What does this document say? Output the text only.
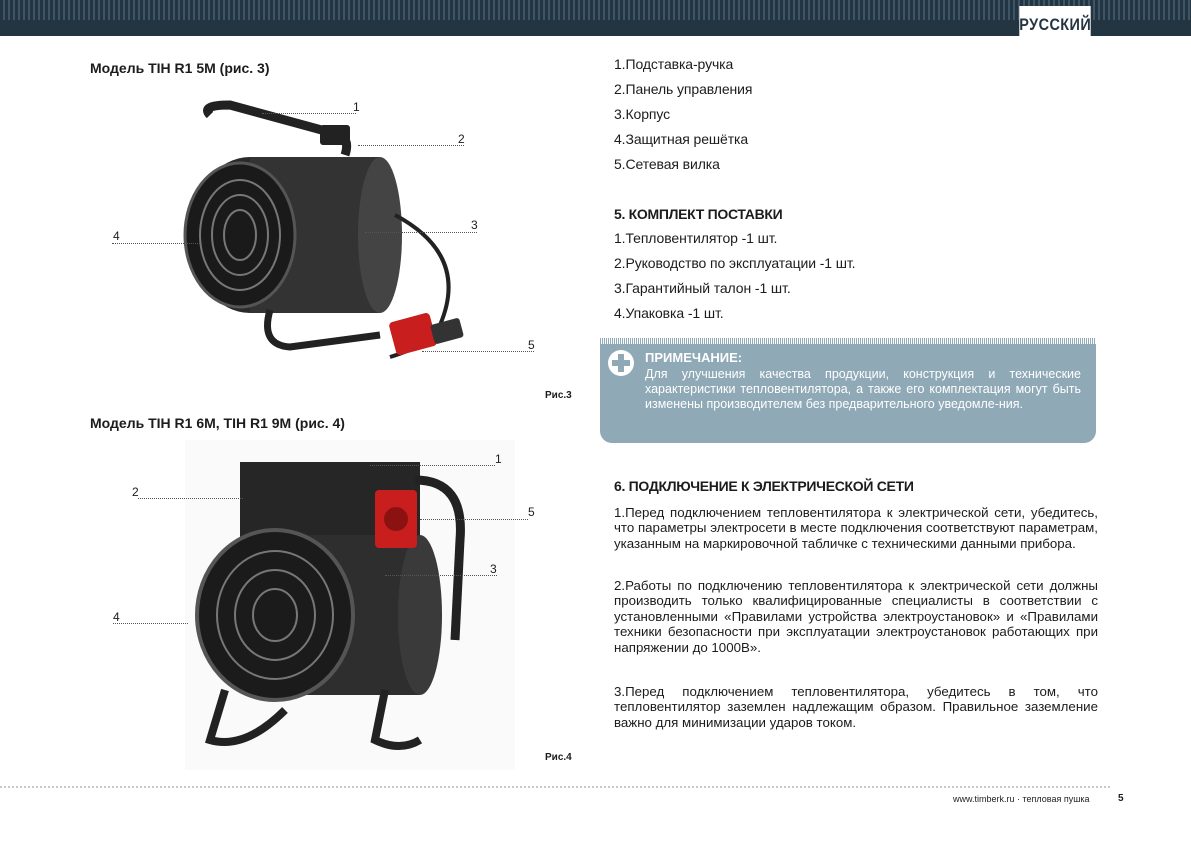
РУССКИЙ
Модель TIH R1 5M (рис. 3)
1
2
3
4
5
Рис.3
Модель TIH R1 6M, TIH R1 9M (рис. 4)
1
2
3
4
5
Рис.4
1.Подставка-ручка
2.Панель управления
3.Корпус
4.Защитная решётка
5.Сетевая вилка
5. КОМПЛЕКТ ПОСТАВКИ
1.Тепловентилятор -1 шт.
2.Руководство по эксплуатации -1 шт.
3.Гарантийный талон -1 шт.
4.Упаковка -1 шт.
ПРИМЕЧАНИЕ:
Для улучшения качества продукции, конструкция и технические характеристики тепловентилятора, а также его комплектация могут быть изменены производителем без предварительного уведомле-ния.
6. ПОДКЛЮЧЕНИЕ К ЭЛЕКТРИЧЕСКОЙ СЕТИ
1.Перед подключением тепловентилятора к электрической сети, убедитесь, что параметры электросети в месте подключения соответствуют параметрам, указанным на маркировочной табличке с техническими данными прибора.
2.Работы по подключению тепловентилятора к электрической сети должны производить только квалифицированные специалисты в соответствии с установленными «Правилами устройства электроустановок» и «Правилами техники безопасности при эксплуатации электроустановок работающих при напряжении до 1000В».
3.Перед подключением тепловентилятора, убедитесь в том, что тепловентилятор заземлен надлежащим образом. Правильное заземление важно для минимизации ударов током.
www.timberk.ru · тепловая пушка	5
